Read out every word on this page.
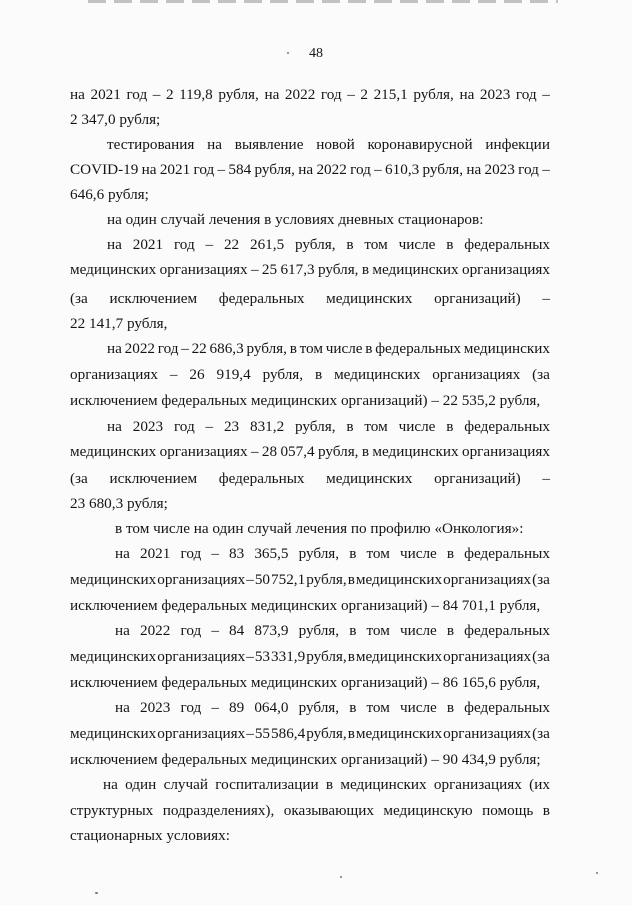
48
на 2021 год – 2 119,8 рубля, на 2022 год – 2 215,1 рубля, на 2023 год –
2 347,0 рубля;
тестирования на выявление новой коронавирусной инфекции
COVID-19 на 2021 год – 584 рубля, на 2022 год – 610,3 рубля, на 2023 год –
646,6 рубля;
на один случай лечения в условиях дневных стационаров:
на 2021 год – 22 261,5 рубля, в том числе в федеральных
медицинских организациях – 25 617,3 рубля, в медицинских организациях
(за исключением федеральных медицинских организаций) –
22 141,7 рубля,
на 2022 год – 22 686,3 рубля, в том числе в федеральных медицинских
организациях – 26 919,4 рубля, в медицинских организациях (за
исключением федеральных медицинских организаций) – 22 535,2 рубля,
на 2023 год – 23 831,2 рубля, в том числе в федеральных
медицинских организациях – 28 057,4 рубля, в медицинских организациях
(за исключением федеральных медицинских организаций) –
23 680,3 рубля;
в том числе на один случай лечения по профилю «Онкология»:
на 2021 год – 83 365,5 рубля, в том числе в федеральных
медицинских организациях – 50 752,1 рубля, в медицинских организациях (за
исключением федеральных медицинских организаций) – 84 701,1 рубля,
на 2022 год – 84 873,9 рубля, в том числе в федеральных
медицинских организациях – 53 331,9 рубля, в медицинских организациях (за
исключением федеральных медицинских организаций) – 86 165,6 рубля,
на 2023 год – 89 064,0 рубля, в том числе в федеральных
медицинских организациях – 55 586,4 рубля, в медицинских организациях (за
исключением федеральных медицинских организаций) – 90 434,9 рубля;
на один случай госпитализации в медицинских организациях (их
структурных подразделениях), оказывающих медицинскую помощь в
стационарных условиях:
